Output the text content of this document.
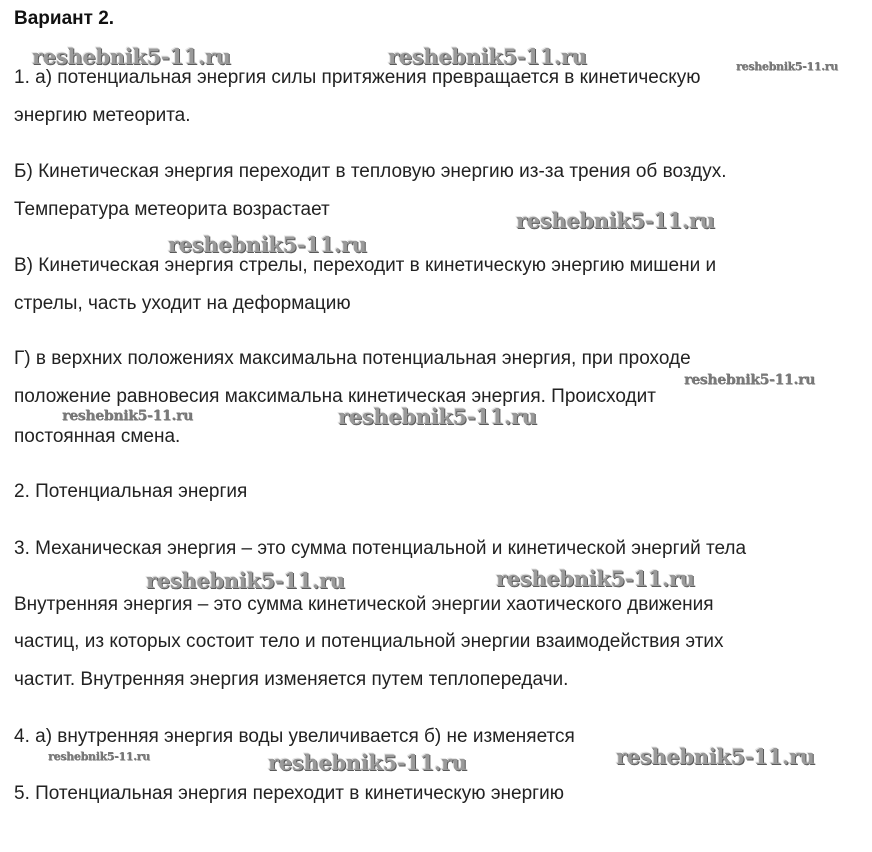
Вариант 2.
1. а) потенциальная энергия силы притяжения превращается в кинетическую
энергию метеорита.
Б) Кинетическая энергия переходит в тепловую энергию из-за трения об воздух.
Температура метеорита возрастает
В) Кинетическая энергия стрелы, переходит в кинетическую энергию мишени и
стрелы, часть уходит на деформацию
Г) в верхних положениях максимальна потенциальная энергия, при проходе
положение равновесия максимальна кинетическая энергия. Происходит
постоянная смена.
2. Потенциальная энергия
3. Механическая энергия – это сумма потенциальной и кинетической энергий тела
Внутренняя энергия – это сумма кинетической энергии хаотического движения
частиц, из которых состоит тело и потенциальной энергии взаимодействия этих
частит. Внутренняя энергия изменяется путем теплопередачи.
4. а) внутренняя энергия воды увеличивается б) не изменяется
5. Потенциальная энергия переходит в кинетическую энергию
reshebnik5-11.ru	reshebnik5-11.ru	reshebnik5-11.ru
reshebnik5-11.ru
reshebnik5-11.ru
reshebnik5-11.ru
reshebnik5-11.ru	reshebnik5-11.ru
reshebnik5-11.ru	reshebnik5-11.ru
reshebnik5-11.ru	reshebnik5-11.ru	reshebnik5-11.ru
